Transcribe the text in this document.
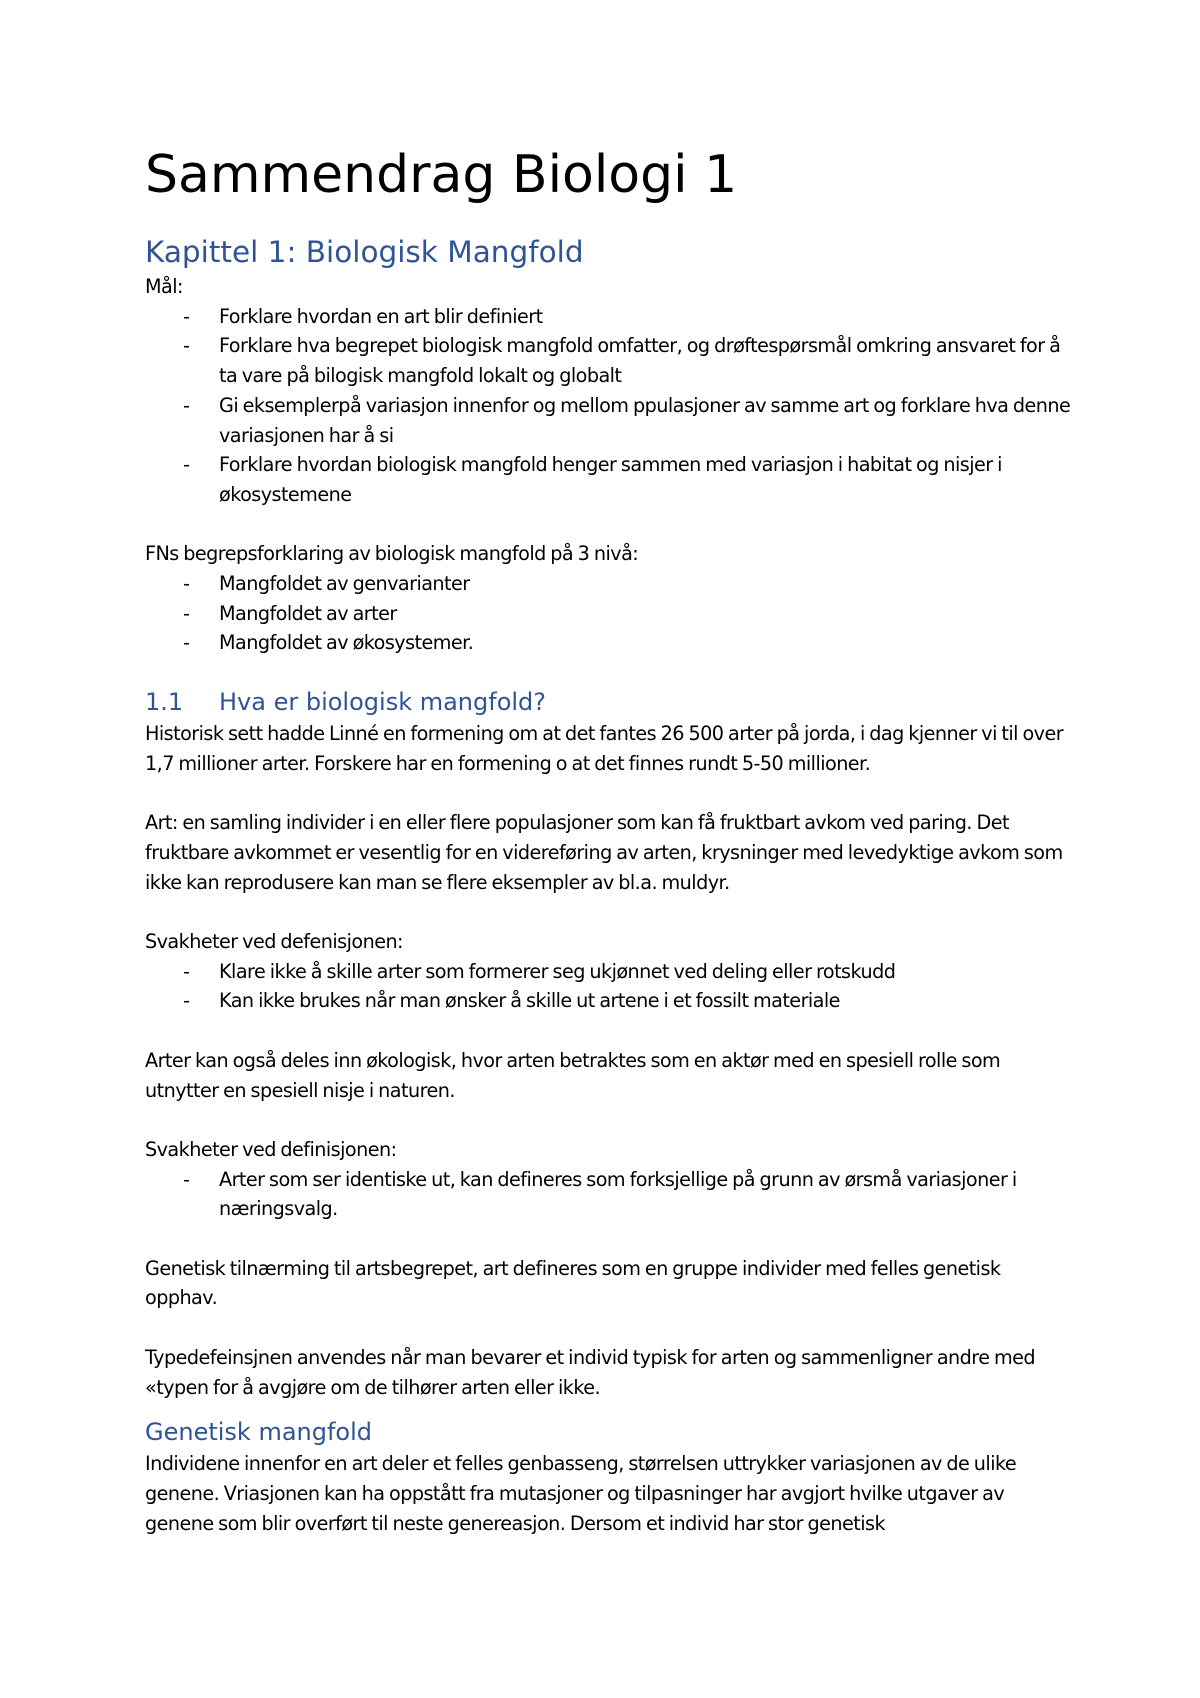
Sammendrag Biologi 1
Kapittel 1: Biologisk Mangfold

Mål:

- Forklare hvordan en art blir definiert
- Forklare hva begrepet biologisk mangfold omfatter, og drøftespørsmål omkring ansvaret for å ta vare på bilogisk mangfold lokalt og globalt
- Gi eksemplerpå variasjon innenfor og mellom ppulasjoner av samme art og forklare hva denne variasjonen har å si
- Forklare hvordan biologisk mangfold henger sammen med variasjon i habitat og nisjer i økosystemene

FNs begrepsforklaring av biologisk mangfold på 3 nivå:

- Mangfoldet av genvarianter
- Mangfoldet av arter
- Mangfoldet av økosystemer.
1.1 Hva er biologisk mangfold?

Historisk sett hadde Linné en formening om at det fantes 26 500 arter på jorda, i dag kjenner vi til over 1,7 millioner arter. Forskere har en formening o at det finnes rundt 5-50 millioner.

Art: en samling individer i en eller flere populasjoner som kan få fruktbart avkom ved paring. Det fruktbare avkommet er vesentlig for en videreføring av arten, krysninger med levedyktige avkom som ikke kan reprodusere kan man se flere eksempler av bl.a. muldyr.

Svakheter ved defenisjonen:

- Klare ikke å skille arter som formerer seg ukjønnet ved deling eller rotskudd
- Kan ikke brukes når man ønsker å skille ut artene i et fossilt materiale

Arter kan også deles inn økologisk, hvor arten betraktes som en aktør med en spesiell rolle som utnytter en spesiell nisje i naturen.

Svakheter ved definisjonen:

- Arter som ser identiske ut, kan defineres som forksjellige på grunn av ørsmå variasjoner i næringsvalg.

Genetisk tilnærming til artsbegrepet, art defineres som en gruppe individer med felles genetisk opphav.

Typedefeinsjnen anvendes når man bevarer et individ typisk for arten og sammenligner andre med «typen for å avgjøre om de tilhører arten eller ikke.

Genetisk mangfold

Individene innenfor en art deler et felles genbasseng, størrelsen uttrykker variasjonen av de ulike genene. Vriasjonen kan ha oppstått fra mutasjoner og tilpasninger har avgjort hvilke utgaver av genene som blir overført til neste genereasjon. Dersom et individ har stor genetisk
